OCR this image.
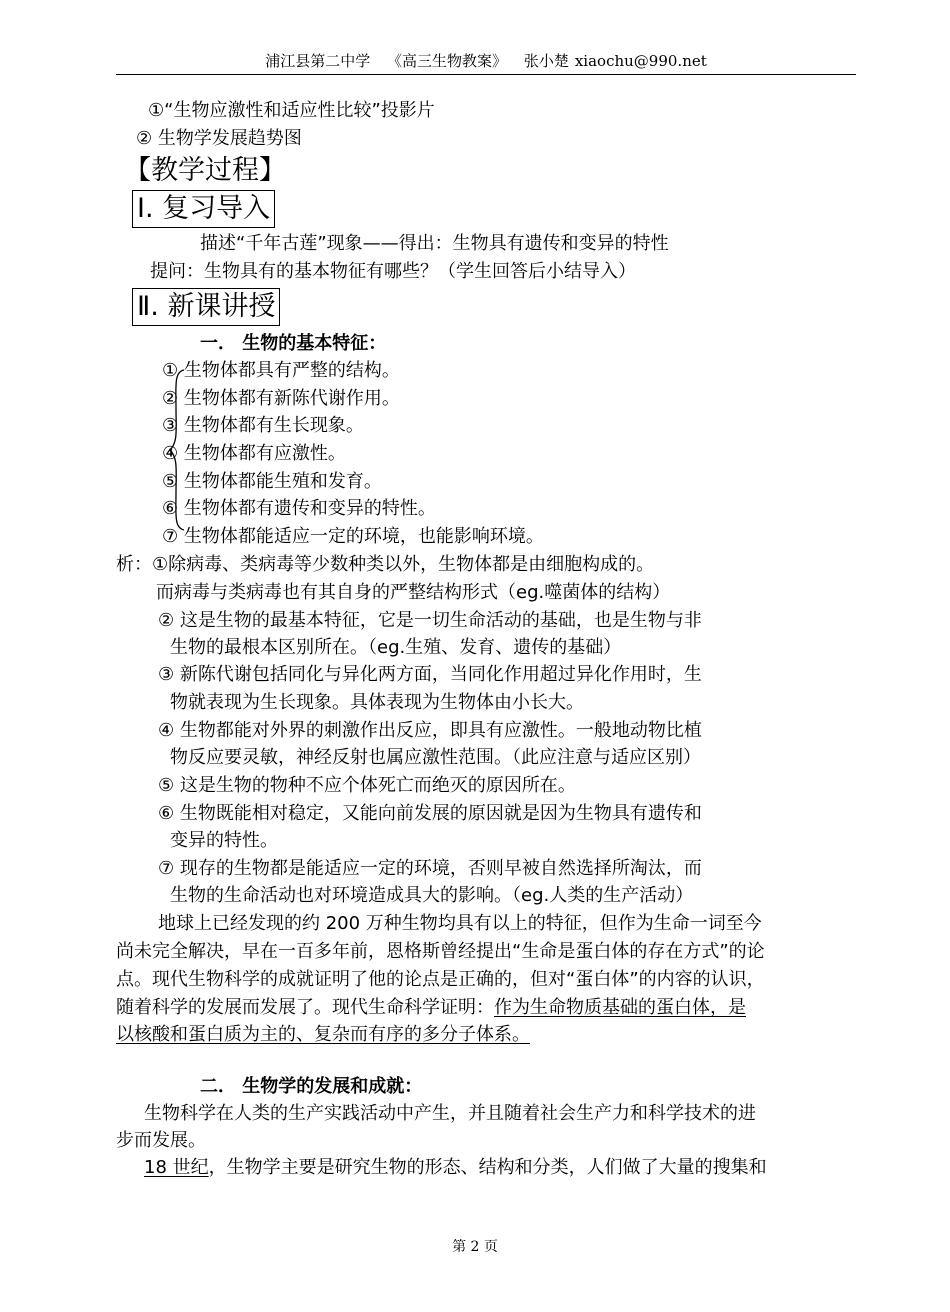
浦江县第二中学 《高三生物教案》 张小楚 xiaochu@990.net
①“生物应激性和适应性比较”投影片
② 生物学发展趋势图
【教学过程】
Ⅰ. 复习导入
描述“千年古莲”现象——得出：生物具有遗传和变异的特性
提问：生物具有的基本物征有哪些？（学生回答后小结导入）
Ⅱ. 新课讲授
一． 生物的基本特征：
① 生物体都具有严整的结构。
② 生物体都有新陈代谢作用。
③ 生物体都有生长现象。
④ 生物体都有应激性。
⑤ 生物体都能生殖和发育。
⑥ 生物体都有遗传和变异的特性。
⑦ 生物体都能适应一定的环境，也能影响环境。
析：①除病毒、类病毒等少数种类以外，生物体都是由细胞构成的。
而病毒与类病毒也有其自身的严整结构形式（eg.噬菌体的结构）
② 这是生物的最基本特征，它是一切生命活动的基础，也是生物与非
生物的最根本区别所在。（eg.生殖、发育、遗传的基础）
③ 新陈代谢包括同化与异化两方面，当同化作用超过异化作用时，生
物就表现为生长现象。具体表现为生物体由小长大。
④ 生物都能对外界的刺激作出反应，即具有应激性。一般地动物比植
物反应要灵敏，神经反射也属应激性范围。（此应注意与适应区别）
⑤ 这是生物的物种不应个体死亡而绝灭的原因所在。
⑥ 生物既能相对稳定，又能向前发展的原因就是因为生物具有遗传和
变异的特性。
⑦ 现存的生物都是能适应一定的环境，否则早被自然选择所淘汰，而
生物的生命活动也对环境造成具大的影响。（eg.人类的生产活动）
地球上已经发现的约 200 万种生物均具有以上的特征，但作为生命一词至今
尚未完全解决，早在一百多年前，恩格斯曾经提出“生命是蛋白体的存在方式”的论
点。现代生物科学的成就证明了他的论点是正确的，但对“蛋白体”的内容的认识，
随着科学的发展而发展了。现代生命科学证明：作为生命物质基础的蛋白体，是
以核酸和蛋白质为主的、复杂而有序的多分子体系。
二． 生物学的发展和成就：
生物科学在人类的生产实践活动中产生，并且随着社会生产力和科学技术的进
步而发展。
18 世纪，生物学主要是研究生物的形态、结构和分类，人们做了大量的搜集和
第 2 页
